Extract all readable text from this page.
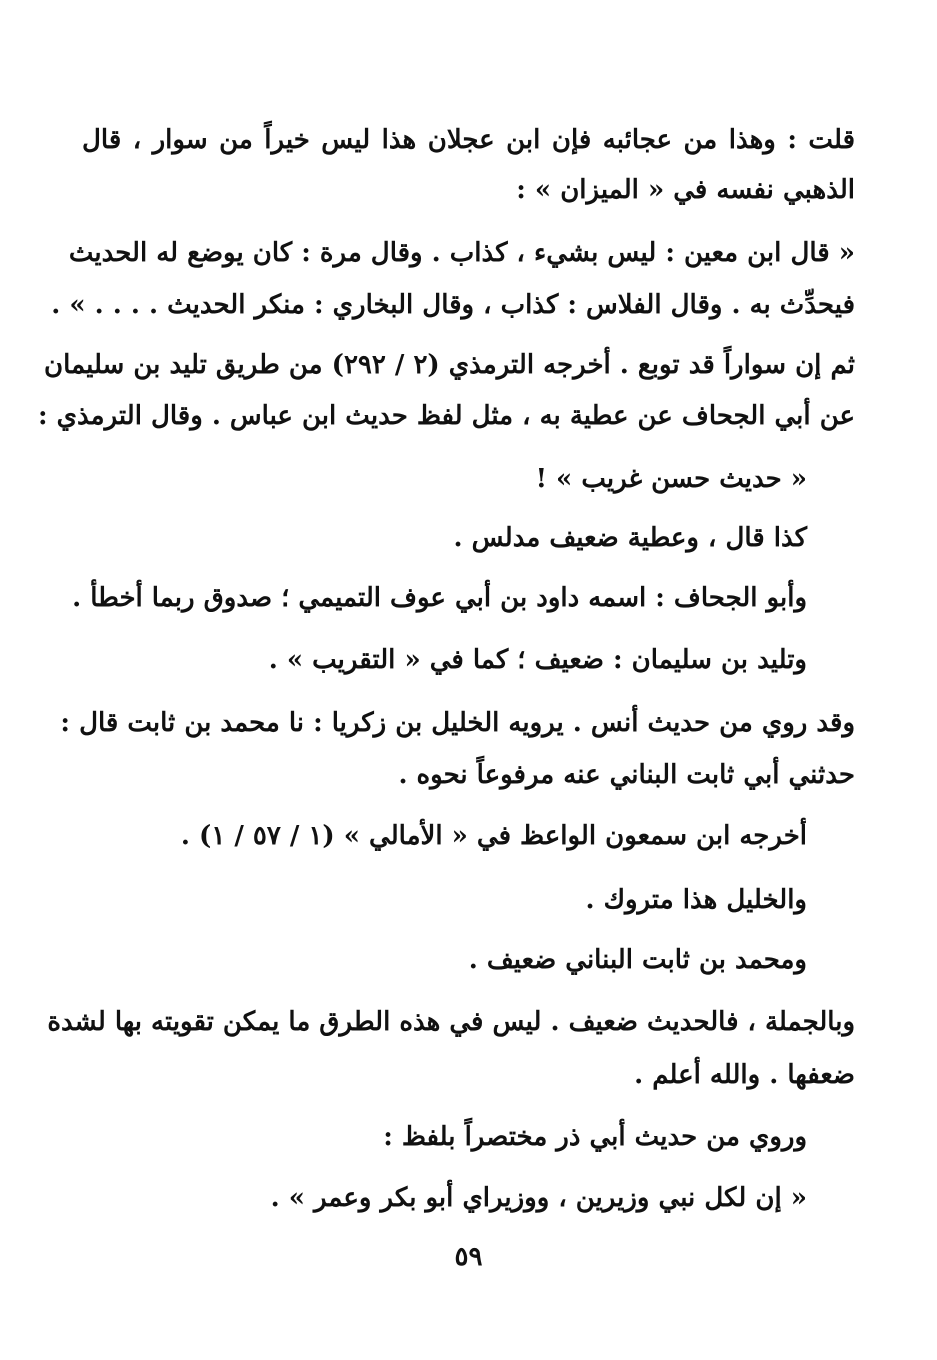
قلت : وهذا من عجائبه فإن ابن عجلان هذا ليس خيراً من سوار ، قال
الذهبي نفسه في « الميزان » :
« قال ابن معين : ليس بشيء ، كذاب . وقال مرة : كان يوضع له الحديث
فيحدِّث به . وقال الفلاس : كذاب ، وقال البخاري : منكر الحديث . . . . » .
ثم إن سواراً قد توبع . أخرجه الترمذي (٢ / ٢٩٢) من طريق تليد بن سليمان
عن أبي الجحاف عن عطية به ، مثل لفظ حديث ابن عباس . وقال الترمذي :
« حديث حسن غريب » !
كذا قال ، وعطية ضعيف مدلس .
وأبو الجحاف : اسمه داود بن أبي عوف التميمي ؛ صدوق ربما أخطأ .
وتليد بن سليمان : ضعيف ؛ كما في « التقريب » .
وقد روي من حديث أنس . يرويه الخليل بن زكريا : نا محمد بن ثابت قال :
حدثني أبي ثابت البناني عنه مرفوعاً نحوه .
أخرجه ابن سمعون الواعظ في « الأمالي » (١ / ٥٧ / ١) .
والخليل هذا متروك .
ومحمد بن ثابت البناني ضعيف .
وبالجملة ، فالحديث ضعيف . ليس في هذه الطرق ما يمكن تقويته بها لشدة
ضعفها . والله أعلم .
وروي من حديث أبي ذر مختصراً بلفظ :
« إن لكل نبي وزيرين ، ووزيراي أبو بكر وعمر » .
٥٩
